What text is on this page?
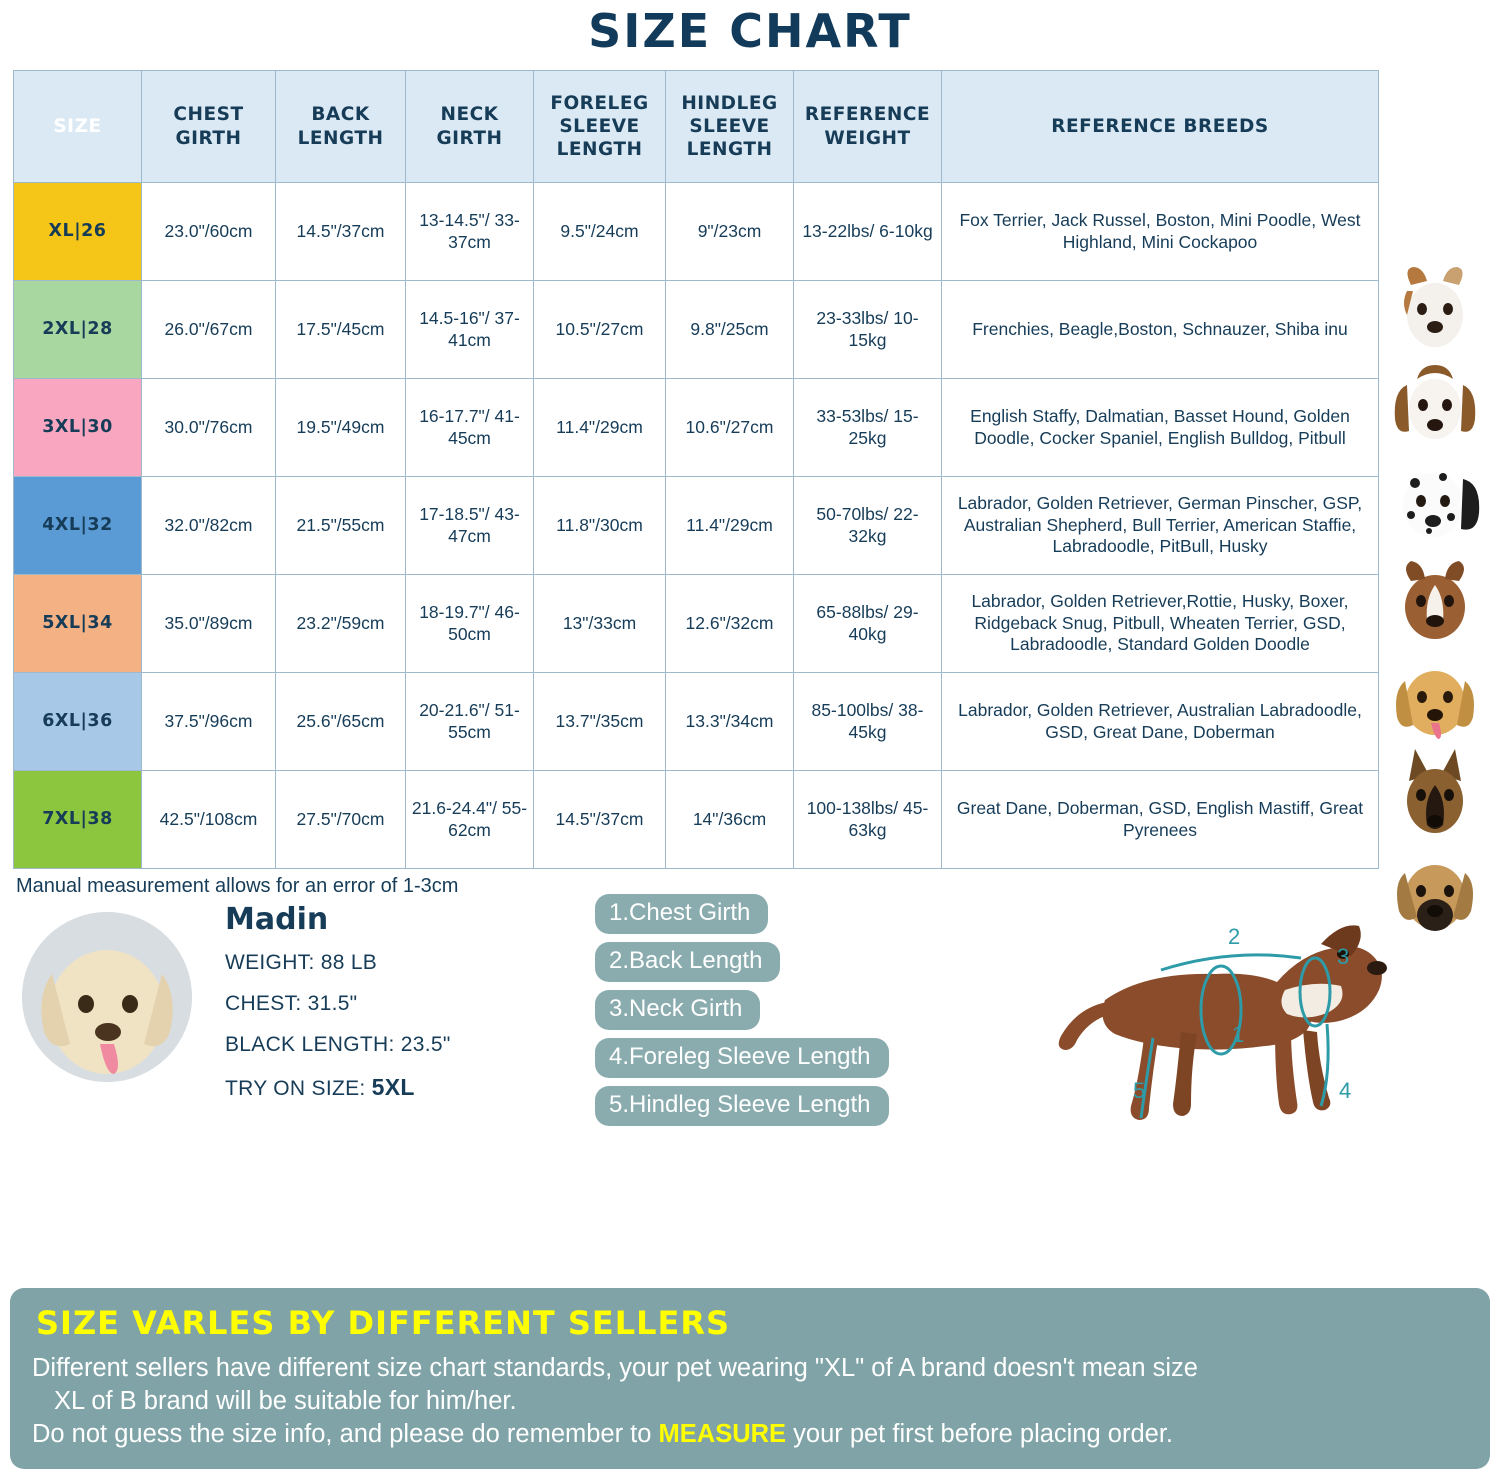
SIZE CHART
SIZE	CHEST GIRTH	BACK LENGTH	NECK GIRTH	FORELEG SLEEVE LENGTH	HINDLEG SLEEVE LENGTH	REFERENCE WEIGHT	REFERENCE BREEDS
XL|26	23.0"/60cm	14.5"/37cm	13-14.5"/ 33-37cm	9.5"/24cm	9"/23cm	13-22lbs/ 6-10kg	Fox Terrier, Jack Russel, Boston, Mini Poodle, West Highland, Mini Cockapoo
2XL|28	26.0"/67cm	17.5"/45cm	14.5-16"/ 37-41cm	10.5"/27cm	9.8"/25cm	23-33lbs/ 10-15kg	Frenchies, Beagle,Boston, Schnauzer, Shiba inu
3XL|30	30.0"/76cm	19.5"/49cm	16-17.7"/ 41-45cm	11.4"/29cm	10.6"/27cm	33-53lbs/ 15-25kg	English Staffy, Dalmatian, Basset Hound, Golden Doodle, Cocker Spaniel, English Bulldog, Pitbull
4XL|32	32.0"/82cm	21.5"/55cm	17-18.5"/ 43-47cm	11.8"/30cm	11.4"/29cm	50-70lbs/ 22-32kg	Labrador, Golden Retriever, German Pinscher, GSP, Australian Shepherd, Bull Terrier, American Staffie, Labradoodle, PitBull, Husky
5XL|34	35.0"/89cm	23.2"/59cm	18-19.7"/ 46-50cm	13"/33cm	12.6"/32cm	65-88lbs/ 29-40kg	Labrador, Golden Retriever,Rottie, Husky, Boxer, Ridgeback Snug, Pitbull, Wheaten Terrier, GSD, Labradoodle, Standard Golden Doodle
6XL|36	37.5"/96cm	25.6"/65cm	20-21.6"/ 51-55cm	13.7"/35cm	13.3"/34cm	85-100lbs/ 38-45kg	Labrador, Golden Retriever, Australian Labradoodle, GSD, Great Dane, Doberman
7XL|38	42.5"/108cm	27.5"/70cm	21.6-24.4"/ 55-62cm	14.5"/37cm	14"/36cm	100-138lbs/ 45-63kg	Great Dane, Doberman, GSD, English Mastiff, Great Pyrenees
Manual measurement allows for an error of 1-3cm
Madin
WEIGHT: 88 LB
CHEST: 31.5"
BLACK LENGTH: 23.5"
TRY ON SIZE: 5XL
1.Chest Girth
2.Back Length
3.Neck Girth
4.Foreleg Sleeve Length
5.Hindleg Sleeve Length
1
2
3
4
5
SIZE VARLES BY DIFFERENT SELLERS

Different sellers have different size chart standards, your pet wearing "XL" of A brand doesn't mean size

XL of B brand will be suitable for him/her.

Do not guess the size info, and please do remember to MEASURE your pet first before placing order.
